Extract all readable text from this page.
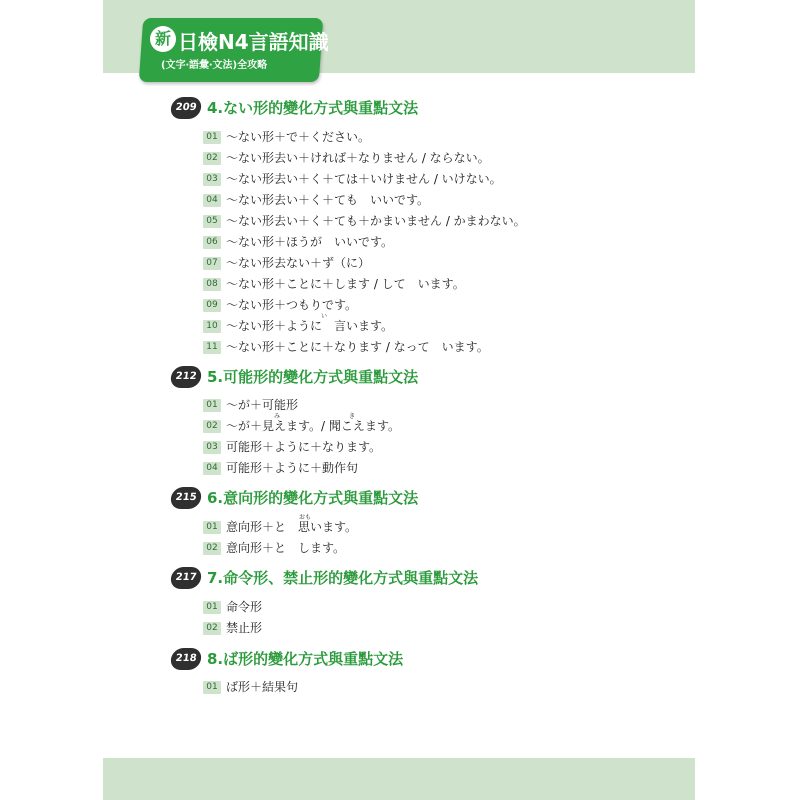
新 日檢N4言語知識
(文字‧語彙‧文法)全攻略
209 4.ない形的變化方式與重點文法
01 ～ない形＋で＋ください。
02 ～ない形去い＋ければ＋なりません / ならない。
03 ～ない形去い＋く＋ては＋いけません / いけない。
04 ～ない形去い＋く＋ても　いいです。
05 ～ない形去い＋く＋ても＋かまいません / かまわない。
06 ～ない形＋ほうが　いいです。
07 ～ない形去ない＋ず（に）
08 ～ない形＋ことに＋します / して　います。
09 ～ない形＋つもりです。
10
い
～ない形＋ように　言います。
11 ～ない形＋ことに＋なります / なって　います。
212 5.可能形的變化方式與重點文法
01 ～が＋可能形
02
み	き
～が＋見えます。/ 聞こえます。
03 可能形＋ように＋なります。
04 可能形＋ように＋動作句
215 6.意向形的變化方式與重點文法
01
おも
意向形＋と　思います。
02 意向形＋と　します。
217 7.命令形、禁止形的變化方式與重點文法
01 命令形
02 禁止形
218 8.ば形的變化方式與重點文法
01 ば形＋結果句
